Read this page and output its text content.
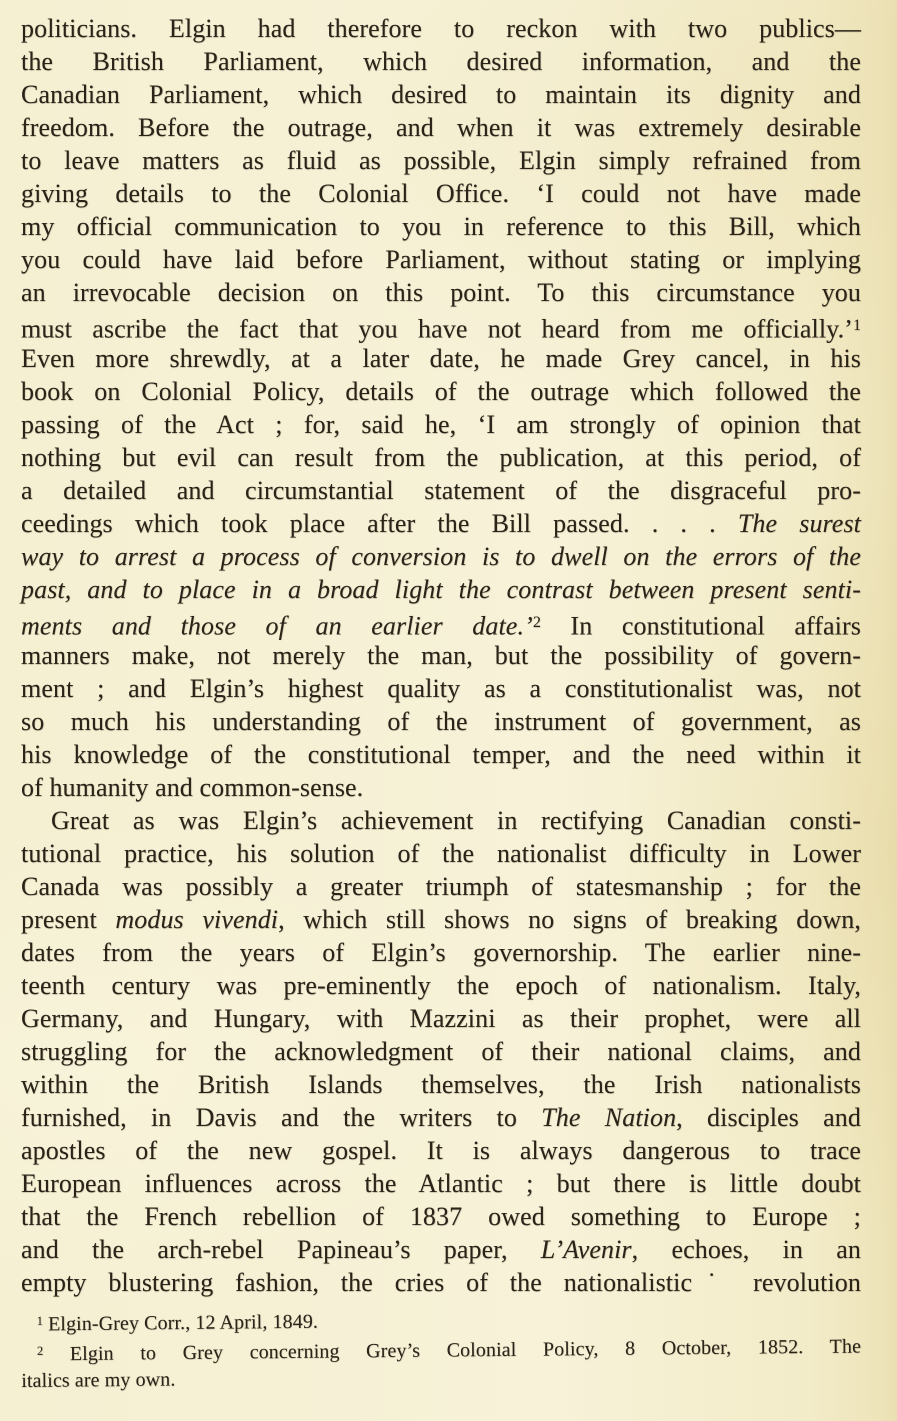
politicians. Elgin had therefore to reckon with two publics—
the British Parliament, which desired information, and the
Canadian Parliament, which desired to maintain its dignity and
freedom. Before the outrage, and when it was extremely desirable
to leave matters as fluid as possible, Elgin simply refrained from
giving details to the Colonial Office. ‘I could not have made
my official communication to you in reference to this Bill, which
you could have laid before Parliament, without stating or implying
an irrevocable decision on this point. To this circumstance you
must ascribe the fact that you have not heard from me officially.’$^1$
Even more shrewdly, at a later date, he made Grey cancel, in his
book on Colonial Policy, details of the outrage which followed the
passing of the Act ; for, said he, ‘I am strongly of opinion that
nothing but evil can result from the publication, at this period, of
a detailed and circumstantial statement of the disgraceful pro-
ceedings which took place after the Bill passed. . . . The surest
way to arrest a process of conversion is to dwell on the errors of the
past, and to place in a broad light the contrast between present senti-
ments and those of an earlier date.’$^2$ In constitutional affairs
manners make, not merely the man, but the possibility of govern-
ment ; and Elgin’s highest quality as a constitutionalist was, not
so much his understanding of the instrument of government, as
his knowledge of the constitutional temper, and the need within it
of humanity and common-sense.
Great as was Elgin’s achievement in rectifying Canadian consti-
tutional practice, his solution of the nationalist difficulty in Lower
Canada was possibly a greater triumph of statesmanship ; for the
present modus vivendi, which still shows no signs of breaking down,
dates from the years of Elgin’s governorship. The earlier nine-
teenth century was pre-eminently the epoch of nationalism. Italy,
Germany, and Hungary, with Mazzini as their prophet, were all
struggling for the acknowledgment of their national claims, and
within the British Islands themselves, the Irish nationalists
furnished, in Davis and the writers to The Nation, disciples and
apostles of the new gospel. It is always dangerous to trace
European influences across the Atlantic ; but there is little doubt
that the French rebellion of 1837 owed something to Europe ;
and the arch-rebel Papineau’s paper, L’Avenir, echoes, in an
empty blustering fashion, the cries of the nationalistic˙ revolution
$^1$ Elgin-Grey Corr., 12 April, 1849.
$^2$ Elgin to Grey concerning Grey’s Colonial Policy, 8 October, 1852. The
italics are my own.
